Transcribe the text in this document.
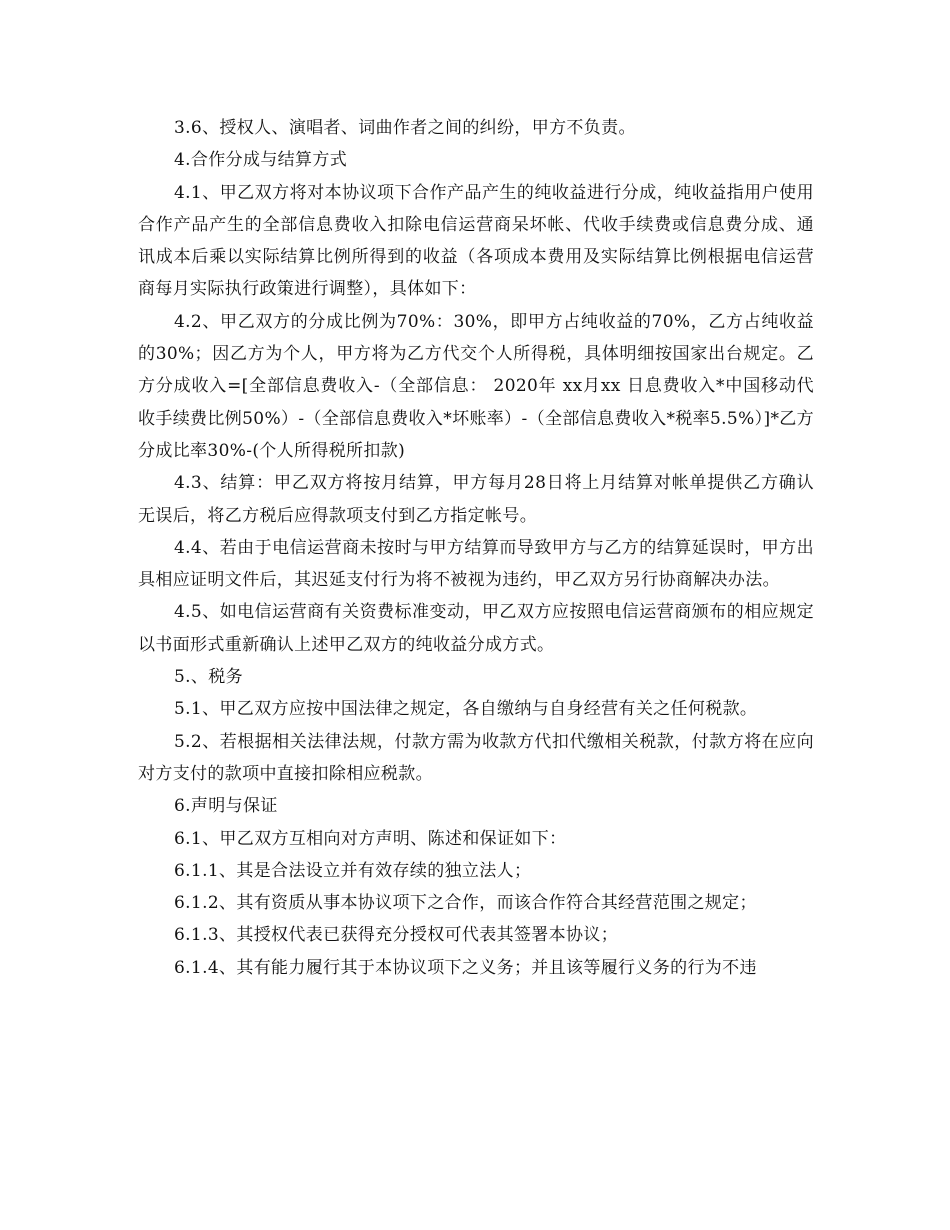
3.6、授权人、演唱者、词曲作者之间的纠纷，甲方不负责。

4.合作分成与结算方式

4.1、甲乙双方将对本协议项下合作产品产生的纯收益进行分成，纯收益指用户使用合作产品产生的全部信息费收入扣除电信运营商呆坏帐、代收手续费或信息费分成、通讯成本后乘以实际结算比例所得到的收益（各项成本费用及实际结算比例根据电信运营商每月实际执行政策进行调整），具体如下：

4.2、甲乙双方的分成比例为70%：30%，即甲方占纯收益的70%，乙方占纯收益的30%；因乙方为个人，甲方将为乙方代交个人所得税，具体明细按国家出台规定。乙方分成收入=[全部信息费收入-（全部信息： 2020年 xx月xx 日息费收入*中国移动代收手续费比例50%）-（全部信息费收入*坏账率）-（全部信息费收入*税率5.5%）]*乙方分成比率30%-(个人所得税所扣款)

4.3、结算：甲乙双方将按月结算，甲方每月28日将上月结算对帐单提供乙方确认无误后，将乙方税后应得款项支付到乙方指定帐号。

4.4、若由于电信运营商未按时与甲方结算而导致甲方与乙方的结算延误时，甲方出具相应证明文件后，其迟延支付行为将不被视为违约，甲乙双方另行协商解决办法。

4.5、如电信运营商有关资费标准变动，甲乙双方应按照电信运营商颁布的相应规定以书面形式重新确认上述甲乙双方的纯收益分成方式。

5.、税务

5.1、甲乙双方应按中国法律之规定，各自缴纳与自身经营有关之任何税款。

5.2、若根据相关法律法规，付款方需为收款方代扣代缴相关税款，付款方将在应向对方支付的款项中直接扣除相应税款。

6.声明与保证

6.1、甲乙双方互相向对方声明、陈述和保证如下：

6.1.1、其是合法设立并有效存续的独立法人；

6.1.2、其有资质从事本协议项下之合作，而该合作符合其经营范围之规定；

6.1.3、其授权代表已获得充分授权可代表其签署本协议；

6.1.4、其有能力履行其于本协议项下之义务；并且该等履行义务的行为不违
